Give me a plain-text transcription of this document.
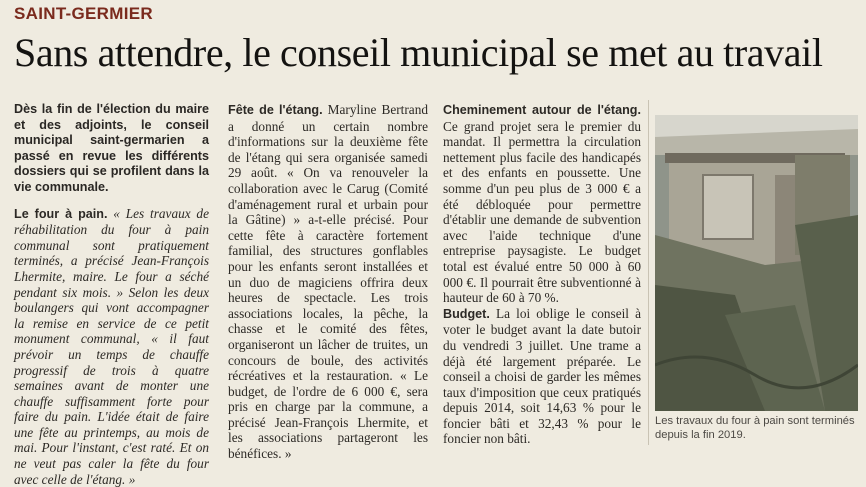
SAINT-GERMIER
Sans attendre, le conseil municipal se met au travail

Dès la fin de l'élection du maire et des adjoints, le conseil municipal saint-germarien a passé en revue les différents dossiers qui se profilent dans la vie communale.

Le four à pain. « Les travaux de réhabilitation du four à pain communal sont pratiquement terminés, a précisé Jean-François Lhermite, maire. Le four a séché pendant six mois. » Selon les deux boulangers qui vont accompagner la remise en service de ce petit monument communal, « il faut prévoir un temps de chauffe progressif de trois à quatre semaines avant de monter une chauffe suffisamment forte pour faire du pain. L'idée était de faire une fête au printemps, au mois de mai. Pour l'instant, c'est raté. Et on ne veut pas caler la fête du four avec celle de l'étang. »

Fête de l'étang. Maryline Bertrand a donné un certain nombre d'informations sur la deuxième fête de l'étang qui sera organisée samedi 29 août. « On va renouveler la collaboration avec le Carug (Comité d'aménagement rural et urbain pour la Gâtine) » a-t-elle précisé. Pour cette fête à caractère fortement familial, des structures gonflables pour les enfants seront installées et un duo de magiciens offrira deux heures de spectacle. Les trois associations locales, la pêche, la chasse et le comité des fêtes, organiseront un lâcher de truites, un concours de boule, des activités récréatives et la restauration. « Le budget, de l'ordre de 6 000 €, sera pris en charge par la commune, a précisé Jean-François Lhermite, et les associations partageront les bénéfices. »

Cheminement autour de l'étang. Ce grand projet sera le premier du mandat. Il permettra la circulation nettement plus facile des handicapés et des enfants en poussette. Une somme d'un peu plus de 3 000 € a été débloquée pour permettre d'établir une demande de subvention avec l'aide technique d'une entreprise paysagiste. Le budget total est évalué entre 50 000 à 60 000 €. Il pourrait être subventionné à hauteur de 60 à 70 %.

Budget. La loi oblige le conseil à voter le budget avant la date butoir du vendredi 3 juillet. Une trame a déjà été largement préparée. Le conseil a choisi de garder les mêmes taux d'imposition que ceux pratiqués depuis 2014, soit 14,63 % pour le foncier bâti et 32,43 % pour le foncier non bâti.

Les travaux du four à pain sont terminés depuis la fin 2019.
